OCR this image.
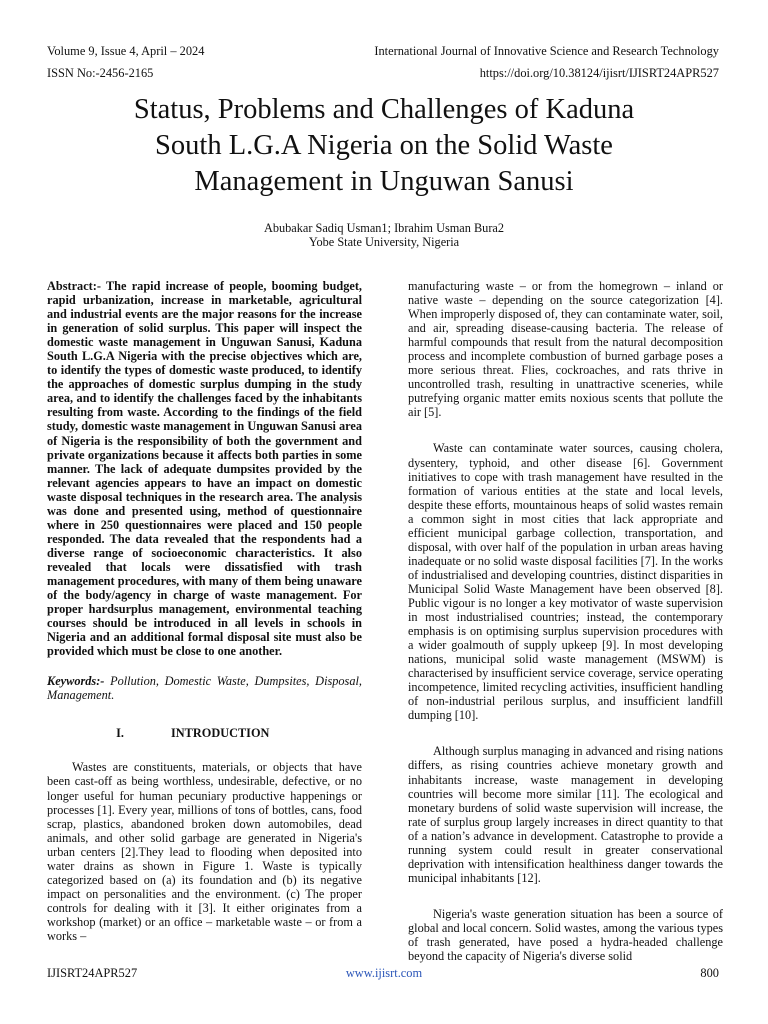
Volume 9, Issue 4, April – 2024
ISSN No:-2456-2165
International Journal of Innovative Science and Research Technology
https://doi.org/10.38124/ijisrt/IJISRT24APR527
Status, Problems and Challenges of Kaduna
South L.G.A Nigeria on the Solid Waste
Management in Unguwan Sanusi
Abubakar Sadiq Usman1; Ibrahim Usman Bura2
Yobe State University, Nigeria

Abstract:- The rapid increase of people, booming budget, rapid urbanization, increase in marketable, agricultural and industrial events are the major reasons for the increase in generation of solid surplus. This paper will inspect the domestic waste management in Unguwan Sanusi, Kaduna South L.G.A Nigeria with the precise objectives which are, to identify the types of domestic waste produced, to identify the approaches of domestic surplus dumping in the study area, and to identify the challenges faced by the inhabitants resulting from waste. According to the findings of the field study, domestic waste management in Unguwan Sanusi area of Nigeria is the responsibility of both the government and private organizations because it affects both parties in some manner. The lack of adequate dumpsites provided by the relevant agencies appears to have an impact on domestic waste disposal techniques in the research area. The analysis was done and presented using, method of questionnaire where in 250 questionnaires were placed and 150 people responded. The data revealed that the respondents had a diverse range of socioeconomic characteristics. It also revealed that locals were dissatisfied with trash management procedures, with many of them being unaware of the body/agency in charge of waste management. For proper hardsurplus management, environmental teaching courses should be introduced in all levels in schools in Nigeria and an additional formal disposal site must also be provided which must be close to one another.

Keywords:- Pollution, Domestic Waste, Dumpsites, Disposal, Management.

I.	INTRODUCTION

Wastes are constituents, materials, or objects that have been cast-off as being worthless, undesirable, defective, or no longer useful for human pecuniary productive happenings or processes [1]. Every year, millions of tons of bottles, cans, food scrap, plastics, abandoned broken down automobiles, dead animals, and other solid garbage are generated in Nigeria's urban centers [2].They lead to flooding when deposited into water drains as shown in Figure 1. Waste is typically categorized based on (a) its foundation and (b) its negative impact on personalities and the environment. (c) The proper controls for dealing with it [3]. It either originates from a workshop (market) or an office – marketable waste – or from a works –

manufacturing waste – or from the homegrown – inland or native waste – depending on the source categorization [4]. When improperly disposed of, they can contaminate water, soil, and air, spreading disease-causing bacteria. The release of harmful compounds that result from the natural decomposition process and incomplete combustion of burned garbage poses a more serious threat. Flies, cockroaches, and rats thrive in uncontrolled trash, resulting in unattractive sceneries, while putrefying organic matter emits noxious scents that pollute the air [5].

Waste can contaminate water sources, causing cholera, dysentery, typhoid, and other disease [6]. Government initiatives to cope with trash management have resulted in the formation of various entities at the state and local levels, despite these efforts, mountainous heaps of solid wastes remain a common sight in most cities that lack appropriate and efficient municipal garbage collection, transportation, and disposal, with over half of the population in urban areas having inadequate or no solid waste disposal facilities [7]. In the works of industrialised and developing countries, distinct disparities in Municipal Solid Waste Management have been observed [8]. Public vigour is no longer a key motivator of waste supervision in most industrialised countries; instead, the contemporary emphasis is on optimising surplus supervision procedures with a wider goalmouth of supply upkeep [9]. In most developing nations, municipal solid waste management (MSWM) is characterised by insufficient service coverage, service operating incompetence, limited recycling activities, insufficient handling of non-industrial perilous surplus, and insufficient landfill dumping [10].

Although surplus managing in advanced and rising nations differs, as rising countries achieve monetary growth and inhabitants increase, waste management in developing countries will become more similar [11]. The ecological and monetary burdens of solid waste supervision will increase, the rate of surplus group largely increases in direct quantity to that of a nation’s advance in development. Catastrophe to provide a running system could result in greater conservational deprivation with intensification healthiness danger towards the municipal inhabitants [12].

Nigeria's waste generation situation has been a source of global and local concern. Solid wastes, among the various types of trash generated, have posed a hydra-headed challenge beyond the capacity of Nigeria's diverse solid

IJISRT24APR527	www.ijisrt.com	800
